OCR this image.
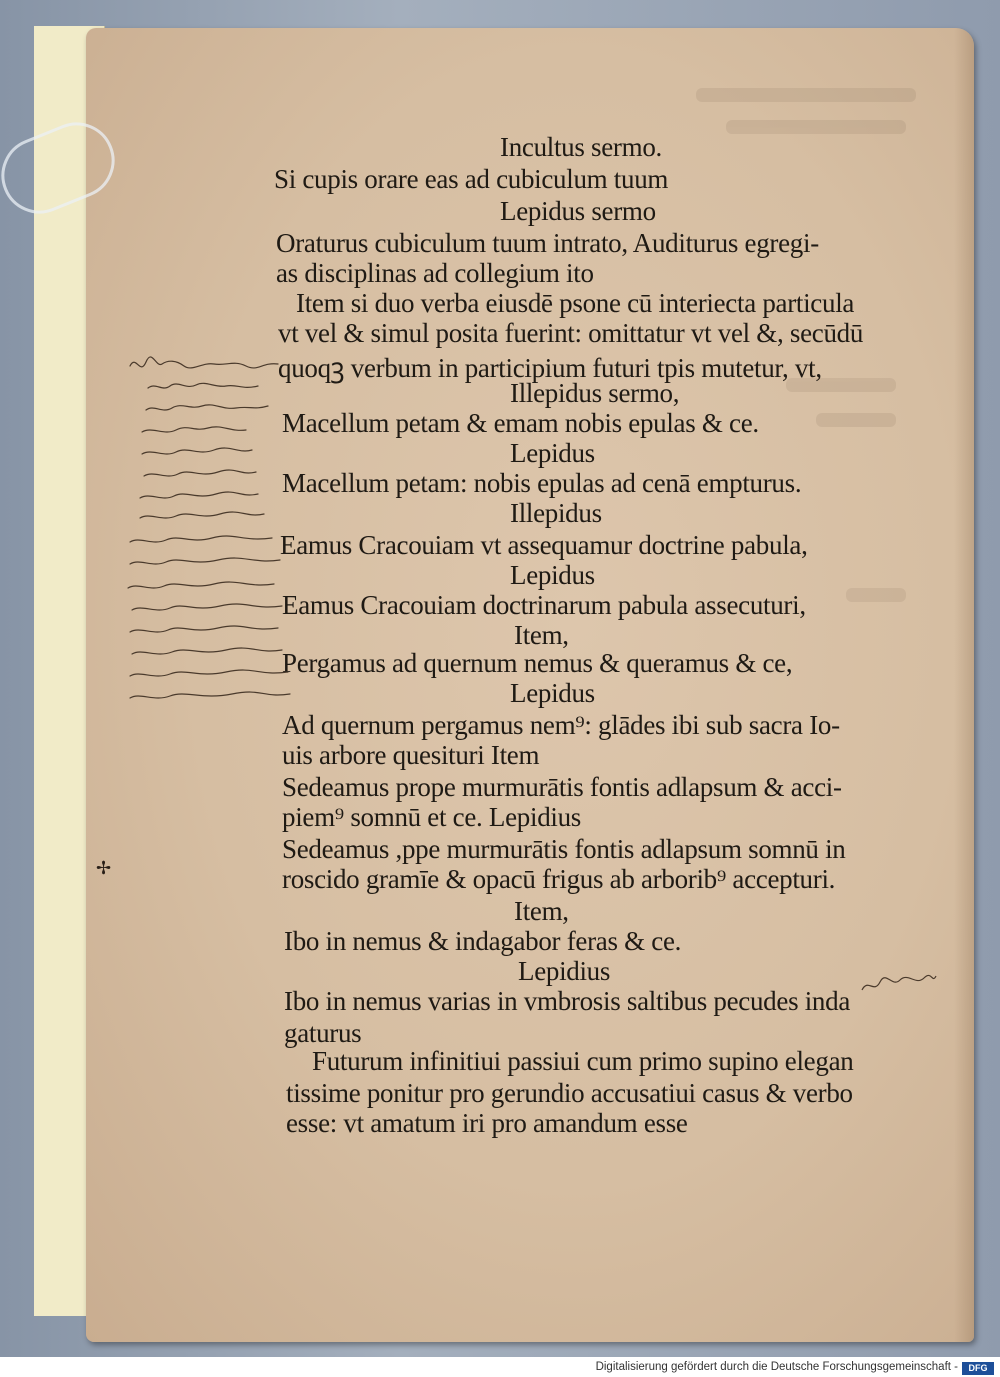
Incultus sermo.
Si cupis orare eas ad cubiculum tuum
Lepidus sermo
Oraturus cubiculum tuum intrato, Auditurus egregi-
as disciplinas ad collegium ito
Item si duo verba eiusdē psone cū interiecta particula
vt vel & simul posita fuerint: omittatur vt vel &, secūdū
quoqꝫ verbum in participium futuri tpis mutetur, vt,
Illepidus sermo,
Macellum petam & emam nobis epulas & ce.
Lepidus
Macellum petam: nobis epulas ad cenā empturus.
Illepidus
Eamus Cracouiam vt assequamur doctrine pabula,
Lepidus
Eamus Cracouiam doctrinarum pabula assecuturi,
Item,
Pergamus ad quernum nemus & queramus & ce,
Lepidus
Ad quernum pergamus nem⁹: glādes ibi sub sacra Io-
uis arbore quesituri Item
Sedeamus prope murmurātis fontis adlapsum & acci-
piem⁹ somnū et ce. Lepidius
Sedeamus ,ppe murmurātis fontis adlapsum somnū in
roscido gramīe & opacū frigus ab arborib⁹ accepturi.
Item,
Ibo in nemus & indagabor feras & ce.
Lepidius
Ibo in nemus varias in vmbrosis saltibus pecudes inda
gaturus
Futurum infinitiui passiui cum primo supino elegan
tissime ponitur pro gerundio accusatiui casus & verbo
esse: vt amatum iri pro amandum esse
✢
Digitalisierung gefördert durch die Deutsche Forschungsgemeinschaft -	DFG
